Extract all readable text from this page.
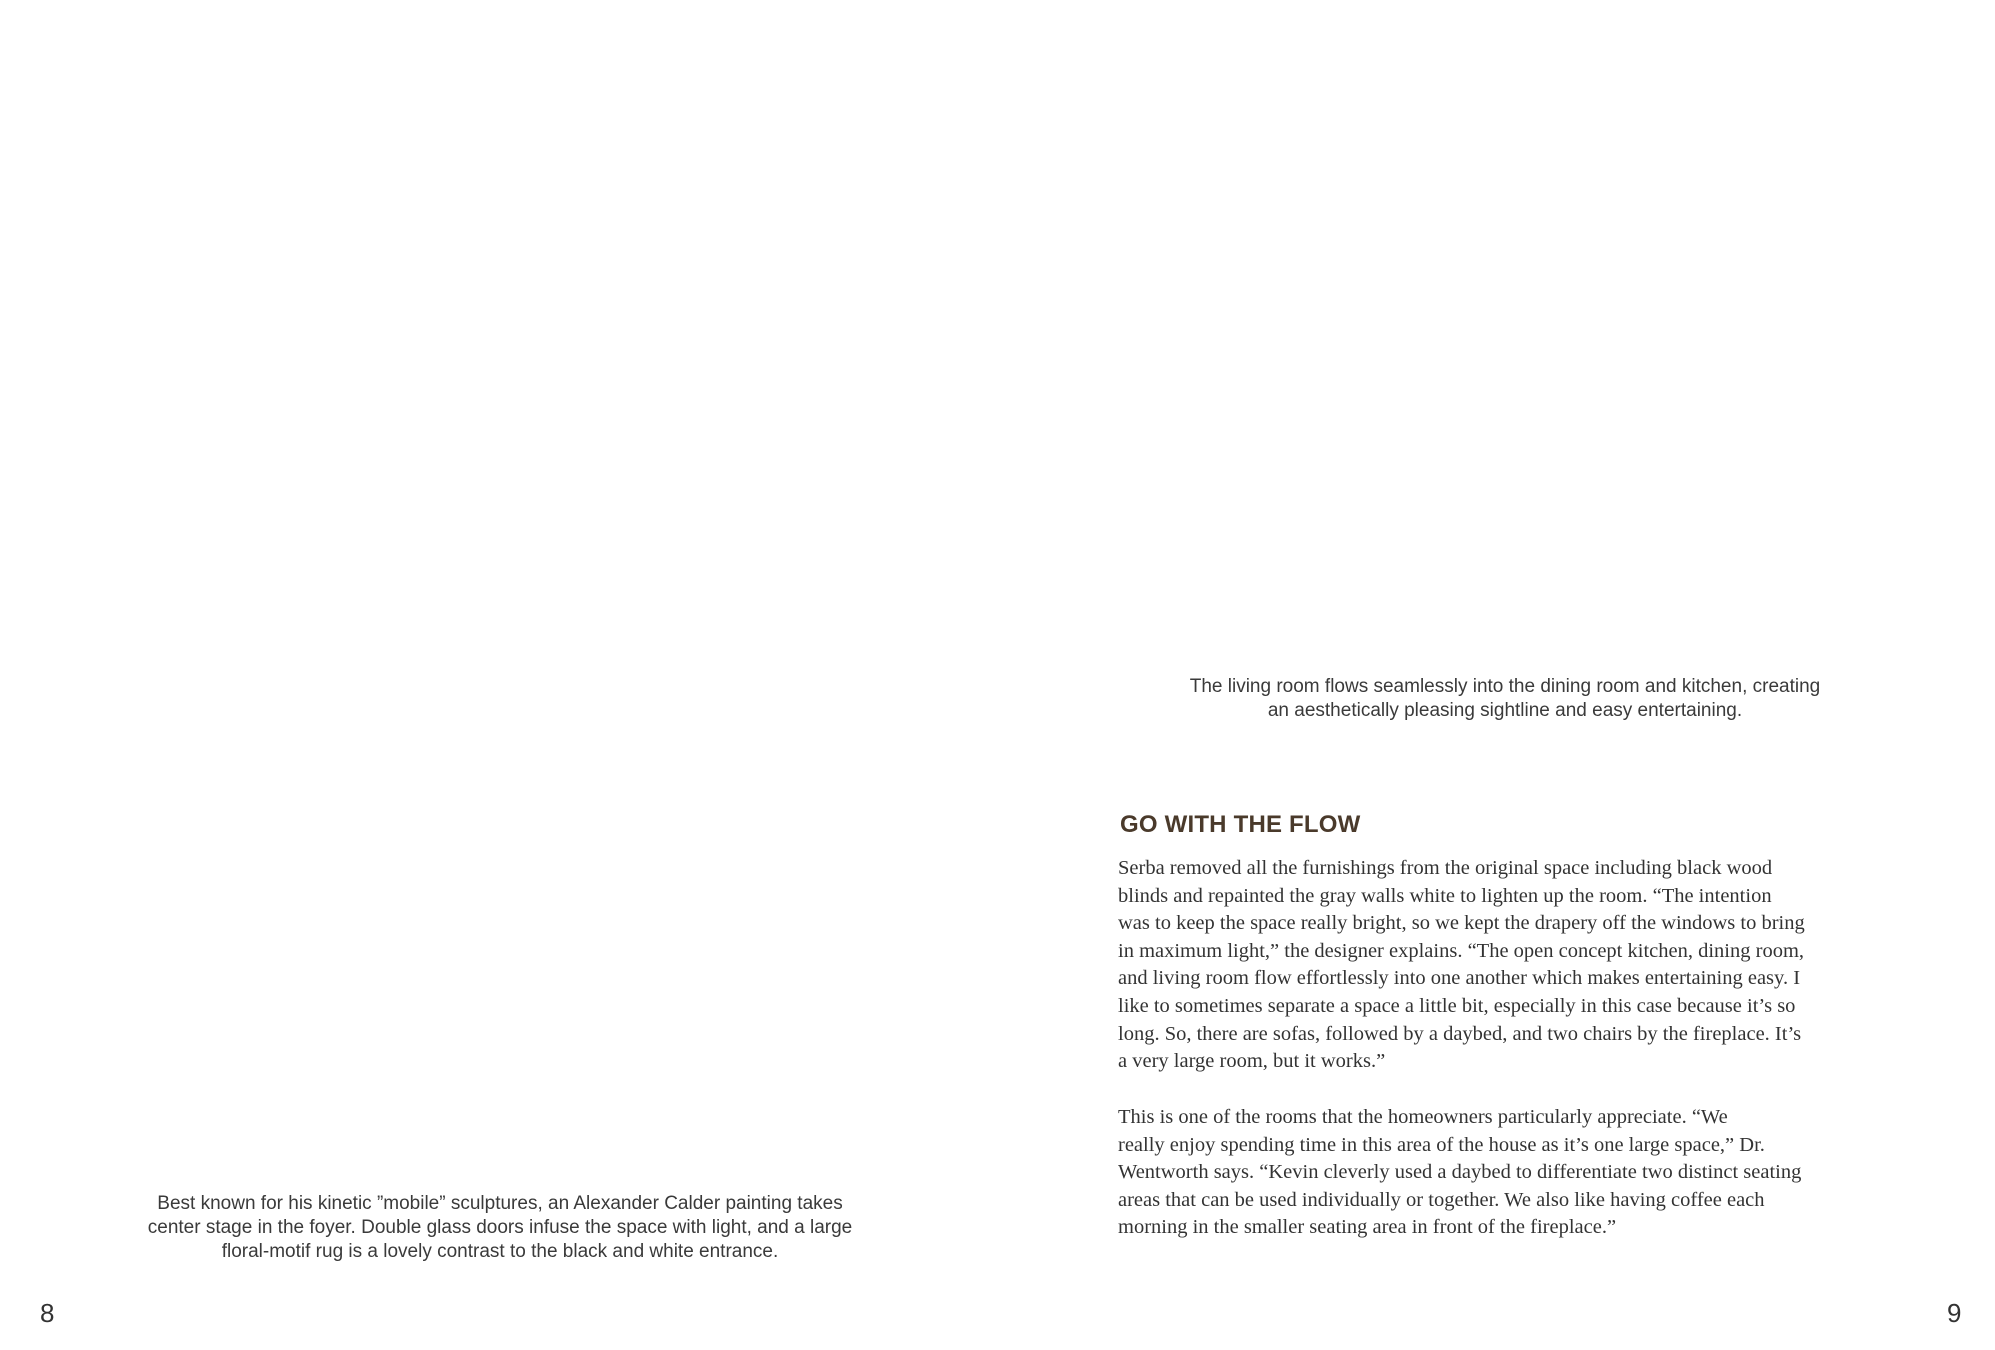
Best known for his kinetic ”mobile” sculptures, an Alexander Calder painting takes
center stage in the foyer. Double glass doors infuse the space with light, and a large
floral-motif rug is a lovely contrast to the black and white entrance.

8

The living room flows seamlessly into the dining room and kitchen, creating
an aesthetically pleasing sightline and easy entertaining.
GO WITH THE FLOW

Serba removed all the furnishings from the original space including black wood
blinds and repainted the gray walls white to lighten up the room. “The intention
was to keep the space really bright, so we kept the drapery off the windows to bring
in maximum light,” the designer explains. “The open concept kitchen, dining room,
and living room flow effortlessly into one another which makes entertaining easy. I
like to sometimes separate a space a little bit, especially in this case because it’s so
long. So, there are sofas, followed by a daybed, and two chairs by the fireplace. It’s
a very large room, but it works.”

This is one of the rooms that the homeowners particularly appreciate. “We
really enjoy spending time in this area of the house as it’s one large space,” Dr.
Wentworth says. “Kevin cleverly used a daybed to differentiate two distinct seating
areas that can be used individually or together. We also like having coffee each
morning in the smaller seating area in front of the fireplace.”

9
